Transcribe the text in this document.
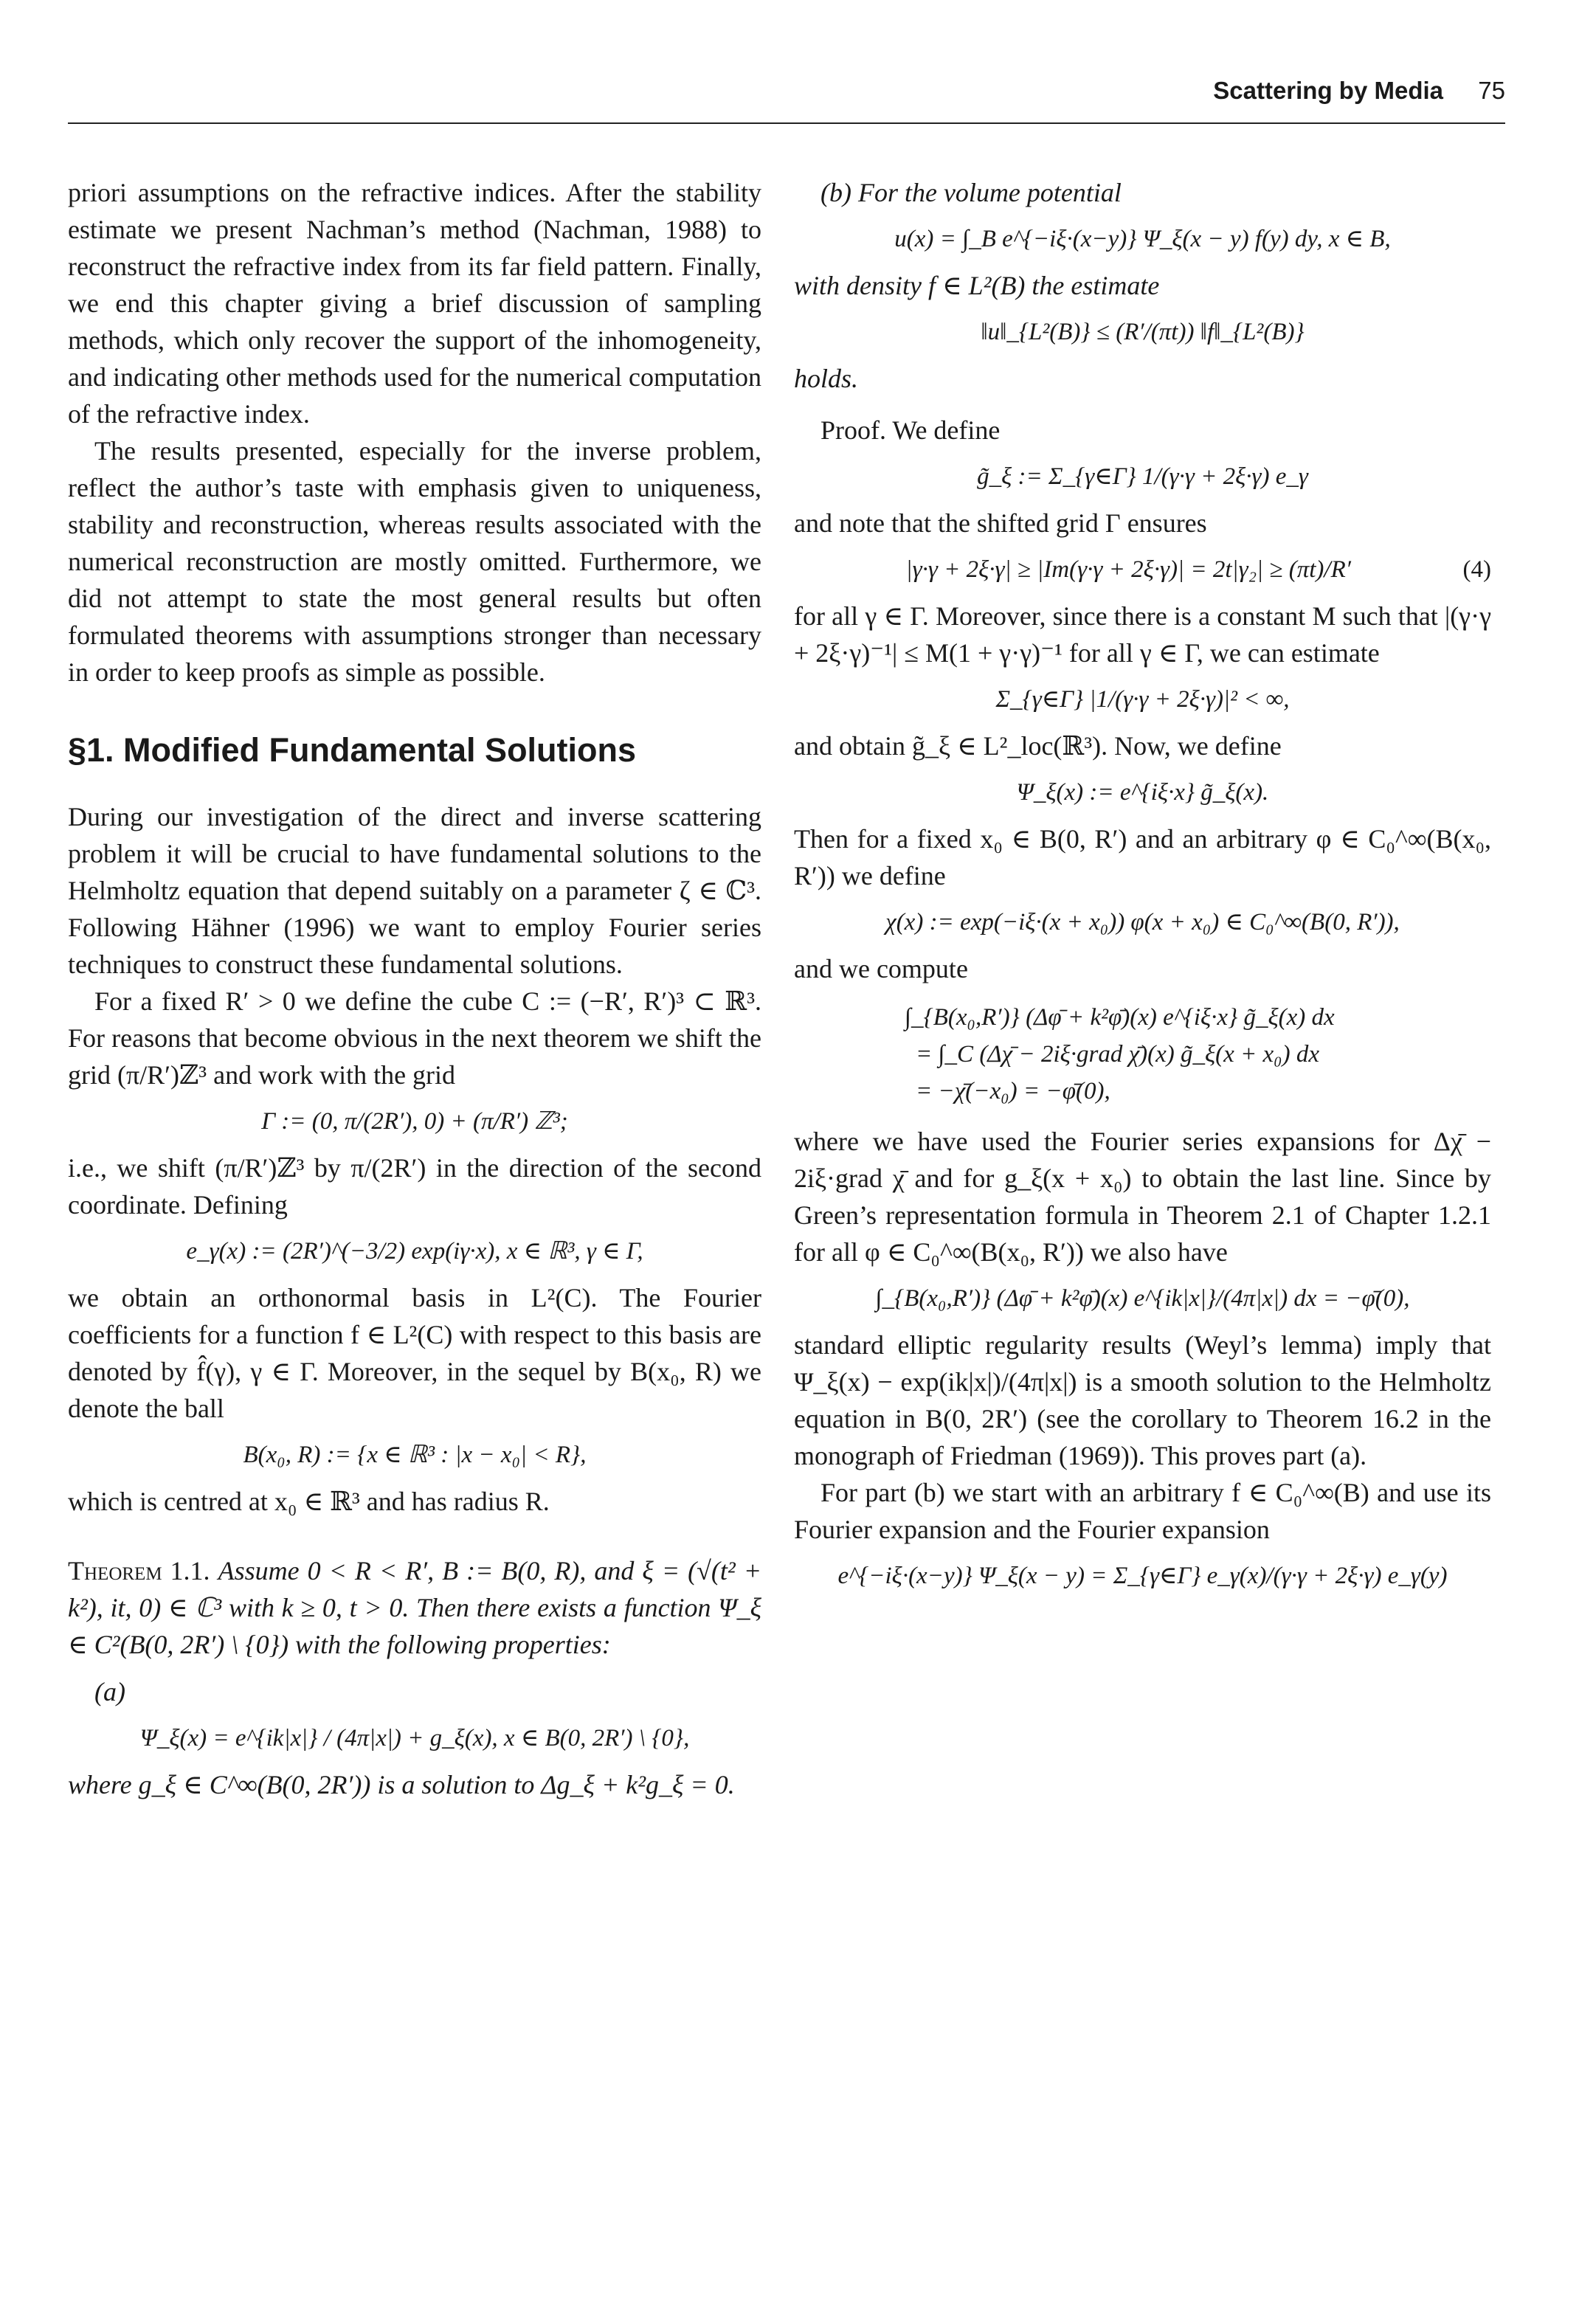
Scattering by Media 75

priori assumptions on the refractive indices. After the stability estimate we present Nachman’s method (Nachman, 1988) to reconstruct the refractive index from its far field pattern. Finally, we end this chapter giving a brief discussion of sampling methods, which only recover the support of the inhomogeneity, and indicating other methods used for the numerical computation of the refractive index.

The results presented, especially for the inverse problem, reflect the author’s taste with emphasis given to uniqueness, stability and reconstruction, whereas results associated with the numerical reconstruction are mostly omitted. Furthermore, we did not attempt to state the most general results but often formulated theorems with assumptions stronger than necessary in order to keep proofs as simple as possible.

§1. Modified Fundamental Solutions

During our investigation of the direct and inverse scattering problem it will be crucial to have fundamental solutions to the Helmholtz equation that depend suitably on a parameter ζ ∈ ℂ³. Following Hähner (1996) we want to employ Fourier series techniques to construct these fundamental solutions.

For a fixed R′ > 0 we define the cube C := (−R′, R′)³ ⊂ ℝ³. For reasons that become obvious in the next theorem we shift the grid (π/R′)ℤ³ and work with the grid

Γ := (0, π/(2R′), 0) + (π/R′) ℤ³;

i.e., we shift (π/R′)ℤ³ by π/(2R′) in the direction of the second coordinate. Defining

e_γ(x) := (2R′)^(−3/2) exp(iγ·x), x ∈ ℝ³, γ ∈ Γ,

we obtain an orthonormal basis in L²(C). The Fourier coefficients for a function f ∈ L²(C) with respect to this basis are denoted by f̂(γ), γ ∈ Γ. Moreover, in the sequel by B(x₀, R) we denote the ball

B(x₀, R) := {x ∈ ℝ³ : |x − x₀| < R},

which is centred at x₀ ∈ ℝ³ and has radius R.

Theorem 1.1. Assume 0 < R < R′, B := B(0, R), and ξ = (√(t² + k²), it, 0) ∈ ℂ³ with k ≥ 0, t > 0. Then there exists a function Ψ_ξ ∈ C²(B(0, 2R′) \ {0}) with the following properties:

(a)

Ψ_ξ(x) = e^{ik|x|} / (4π|x|) + g_ξ(x), x ∈ B(0, 2R′) \ {0},

where g_ξ ∈ C^∞(B(0, 2R′)) is a solution to Δg_ξ + k²g_ξ = 0.

(b) For the volume potential

u(x) = ∫_B e^{−iξ·(x−y)} Ψ_ξ(x − y) f(y) dy, x ∈ B,

with density f ∈ L²(B) the estimate

‖u‖_{L²(B)} ≤ (R′/(πt)) ‖f‖_{L²(B)}

holds.

Proof. We define

g̃_ξ := Σ_{γ∈Γ} 1/(γ·γ + 2ξ·γ) e_γ

and note that the shifted grid Γ ensures

(4)
|γ·γ + 2ξ·γ| ≥ |Im(γ·γ + 2ξ·γ)| = 2t|γ₂| ≥ (πt)/R′

for all γ ∈ Γ. Moreover, since there is a constant M such that |(γ·γ + 2ξ·γ)⁻¹| ≤ M(1 + γ·γ)⁻¹ for all γ ∈ Γ, we can estimate

Σ_{γ∈Γ} |1/(γ·γ + 2ξ·γ)|² < ∞,

and obtain g̃_ξ ∈ L²_loc(ℝ³). Now, we define

Ψ_ξ(x) := e^{iξ·x} g̃_ξ(x).

Then for a fixed x₀ ∈ B(0, R′) and an arbitrary φ ∈ C₀^∞(B(x₀, R′)) we define

χ(x) := exp(−iξ·(x + x₀)) φ(x + x₀) ∈ C₀^∞(B(0, R′)),

and we compute

∫_{B(x₀,R′)} (Δφ̄ + k²φ̄)(x) e^{iξ·x} g̃_ξ(x) dx
= ∫_C (Δχ̄ − 2iξ·grad χ̄)(x) g̃_ξ(x + x₀) dx
= −χ̄(−x₀) = −φ̄(0),

where we have used the Fourier series expansions for Δχ̄ − 2iξ·grad χ̄ and for g_ξ(x + x₀) to obtain the last line. Since by Green’s representation formula in Theorem 2.1 of Chapter 1.2.1 for all φ ∈ C₀^∞(B(x₀, R′)) we also have

∫_{B(x₀,R′)} (Δφ̄ + k²φ̄)(x) e^{ik|x|}/(4π|x|) dx = −φ̄(0),

standard elliptic regularity results (Weyl’s lemma) imply that Ψ_ξ(x) − exp(ik|x|)/(4π|x|) is a smooth solution to the Helmholtz equation in B(0, 2R′) (see the corollary to Theorem 16.2 in the monograph of Friedman (1969)). This proves part (a).

For part (b) we start with an arbitrary f ∈ C₀^∞(B) and use its Fourier expansion and the Fourier expansion

e^{−iξ·(x−y)} Ψ_ξ(x − y) = Σ_{γ∈Γ} e_γ(x)/(γ·γ + 2ξ·γ) e_γ(y)
